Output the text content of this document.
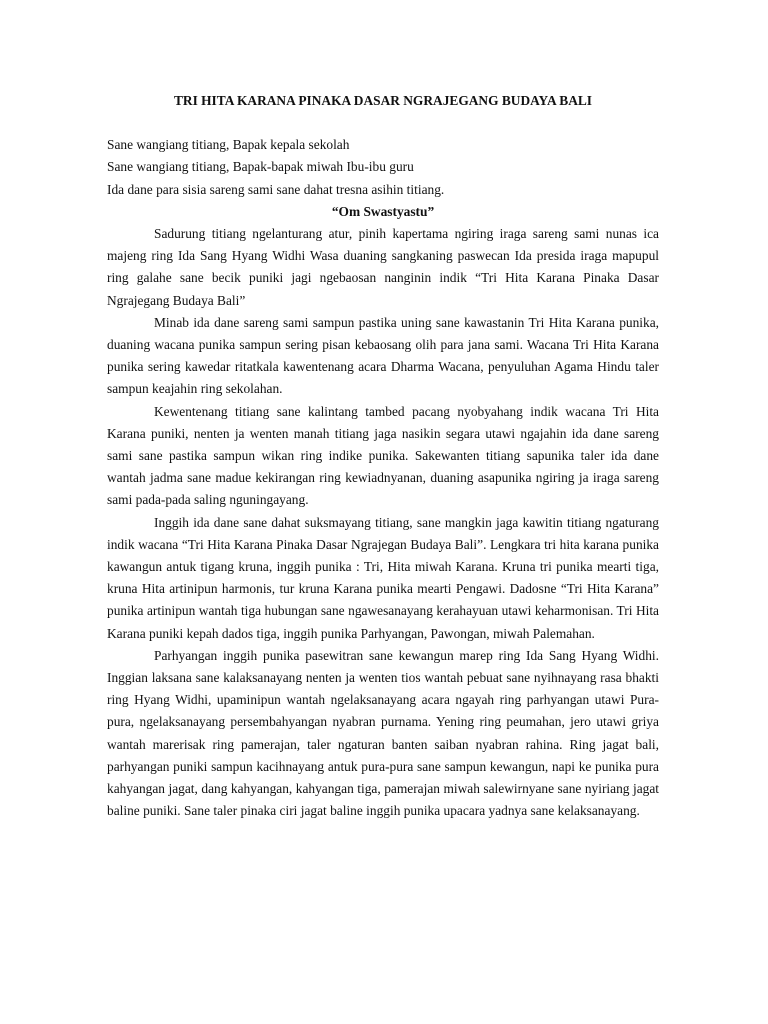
TRI HITA KARANA PINAKA DASAR NGRAJEGANG BUDAYA BALI

Sane wangiang titiang, Bapak kepala sekolah

Sane wangiang titiang, Bapak-bapak miwah Ibu-ibu guru

Ida dane para sisia sareng sami sane dahat tresna asihin titiang.

“Om Swastyastu”

Sadurung titiang ngelanturang atur, pinih kapertama ngiring iraga sareng sami nunas ica majeng ring Ida Sang Hyang Widhi Wasa duaning sangkaning paswecan Ida presida iraga mapupul ring galahe sane becik puniki jagi ngebaosan nanginin indik “Tri Hita Karana Pinaka Dasar Ngrajegang Budaya Bali”

Minab ida dane sareng sami sampun pastika uning sane kawastanin Tri Hita Karana punika, duaning wacana punika sampun sering pisan kebaosang olih para jana sami. Wacana Tri Hita Karana punika sering kawedar ritatkala kawentenang acara Dharma Wacana, penyuluhan Agama Hindu taler sampun keajahin ring sekolahan.

Kewentenang titiang sane kalintang tambed pacang nyobyahang indik wacana Tri Hita Karana puniki, nenten ja wenten manah titiang jaga nasikin segara utawi ngajahin ida dane sareng sami sane pastika sampun wikan ring indike punika. Sakewanten titiang sapunika taler ida dane wantah jadma sane madue kekirangan ring kewiadnyanan, duaning asapunika ngiring ja iraga sareng sami pada-pada saling nguningayang.

Inggih ida dane sane dahat suksmayang titiang, sane mangkin jaga kawitin titiang ngaturang indik wacana “Tri Hita Karana Pinaka Dasar Ngrajegan Budaya Bali”. Lengkara tri hita karana punika kawangun antuk tigang kruna, inggih punika : Tri, Hita miwah Karana. Kruna tri punika mearti tiga, kruna Hita artinipun harmonis, tur kruna Karana punika mearti Pengawi. Dadosne “Tri Hita Karana” punika artinipun wantah tiga hubungan sane ngawesanayang kerahayuan utawi keharmonisan. Tri Hita Karana puniki kepah dados tiga, inggih punika Parhyangan, Pawongan, miwah Palemahan.

Parhyangan inggih punika pasewitran sane kewangun marep ring Ida Sang Hyang Widhi. Inggian laksana sane kalaksanayang nenten ja wenten tios wantah pebuat sane nyihnayang rasa bhakti ring Hyang Widhi, upaminipun wantah ngelaksanayang acara ngayah ring parhyangan utawi Pura-pura, ngelaksanayang persembahyangan nyabran purnama. Yening ring peumahan, jero utawi griya wantah marerisak ring pamerajan, taler ngaturan banten saiban nyabran rahina. Ring jagat bali, parhyangan puniki sampun kacihnayang antuk pura-pura sane sampun kewangun, napi ke punika pura kahyangan jagat, dang kahyangan, kahyangan tiga, pamerajan miwah salewirnyane sane nyiriang jagat baline puniki. Sane taler pinaka ciri jagat baline inggih punika upacara yadnya sane kelaksanayang.
